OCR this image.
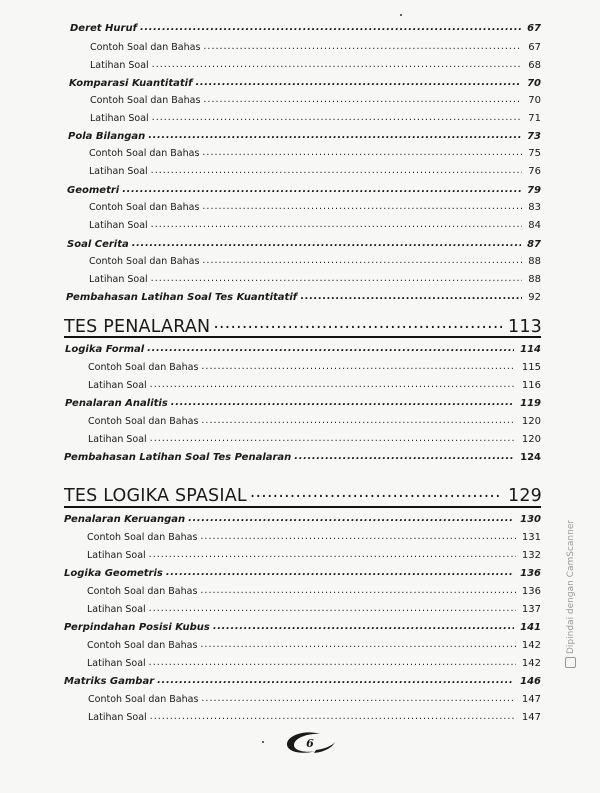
Deret Huruf .....	67
Contoh Soal dan Bahas .....	67
Latihan Soal .....	68
Komparasi Kuantitatif .....	70
Contoh Soal dan Bahas .....	70
Latihan Soal .....	71
Pola Bilangan .....	73
Contoh Soal dan Bahas .....	75
Latihan Soal .....	76
Geometri .....	79
Contoh Soal dan Bahas .....	83
Latihan Soal .....	84
Soal Cerita .....	87
Contoh Soal dan Bahas .....	88
Latihan Soal .....	88
Pembahasan Latihan Soal Tes Kuantitatif .....	92
TES PENALARAN .....	113
Logika Formal .....	114
Contoh Soal dan Bahas .....	115
Latihan Soal .....	116
Penalaran Analitis .....	119
Contoh Soal dan Bahas .....	120
Latihan Soal .....	120
Pembahasan Latihan Soal Tes Penalaran .....	124
TES LOGIKA SPASIAL .....	129
Penalaran Keruangan .....	130
Contoh Soal dan Bahas .....	131
Latihan Soal .....	132
Logika Geometris .....	136
Contoh Soal dan Bahas .....	136
Latihan Soal .....	137
Perpindahan Posisi Kubus .....	141
Contoh Soal dan Bahas .....	142
Latihan Soal .....	142
Matriks Gambar .....	146
Contoh Soal dan Bahas .....	147
Latihan Soal .....	147
6
Dipindai dengan CamScanner
